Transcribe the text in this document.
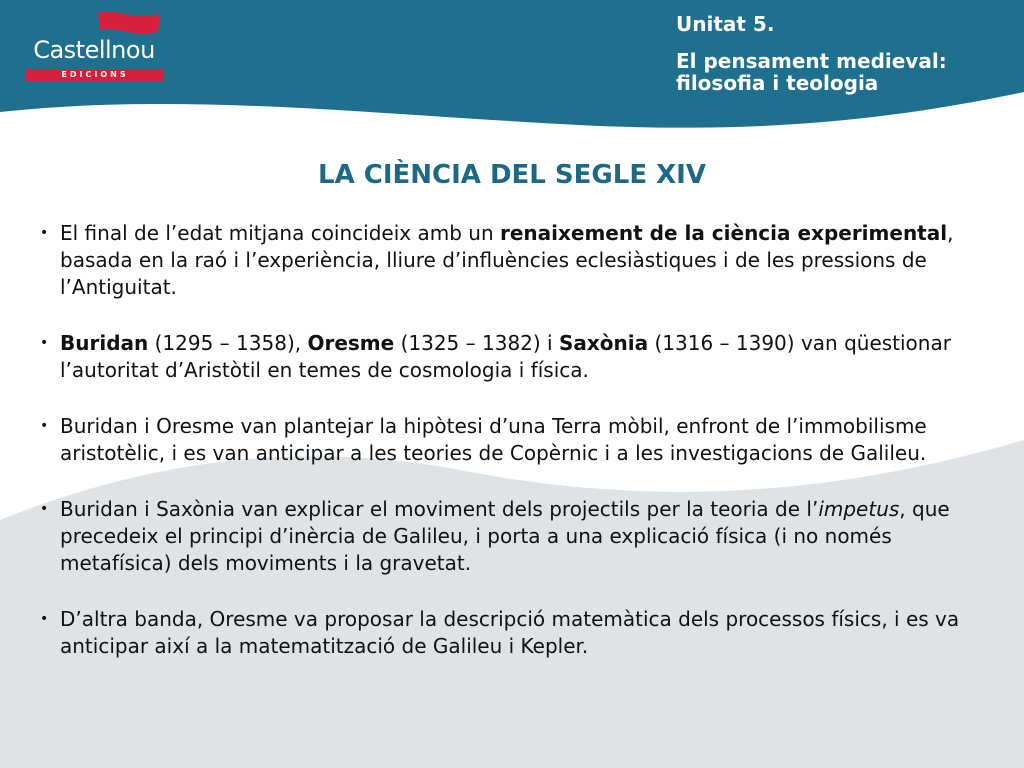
Castellnou
EDICIONS
Unitat 5.
El pensament medieval: filosofia i teologia
LA CIÈNCIA DEL SEGLE XIV
• El final de l’edat mitjana coincideix amb un renaixement de la ciència experimental, basada en la raó i l’experiència, lliure d’influències eclesiàstiques i de les pressions de l’Antiguitat.
• Buridan (1295 – 1358), Oresme (1325 – 1382) i Saxònia (1316 – 1390) van qüestionar l’autoritat d’Aristòtil en temes de cosmologia i física.
• Buridan i Oresme van plantejar la hipòtesi d’una Terra mòbil, enfront de l’immobilisme aristotèlic, i es van anticipar a les teories de Copèrnic i a les investigacions de Galileu.
• Buridan i Saxònia van explicar el moviment dels projectils per la teoria de l’impetus, que precedeix el principi d’inèrcia de Galileu, i porta a una explicació física (i no només metafísica) dels moviments i la gravetat.
• D’altra banda, Oresme va proposar la descripció matemàtica dels processos físics, i es va anticipar així a la matematització de Galileu i Kepler.
